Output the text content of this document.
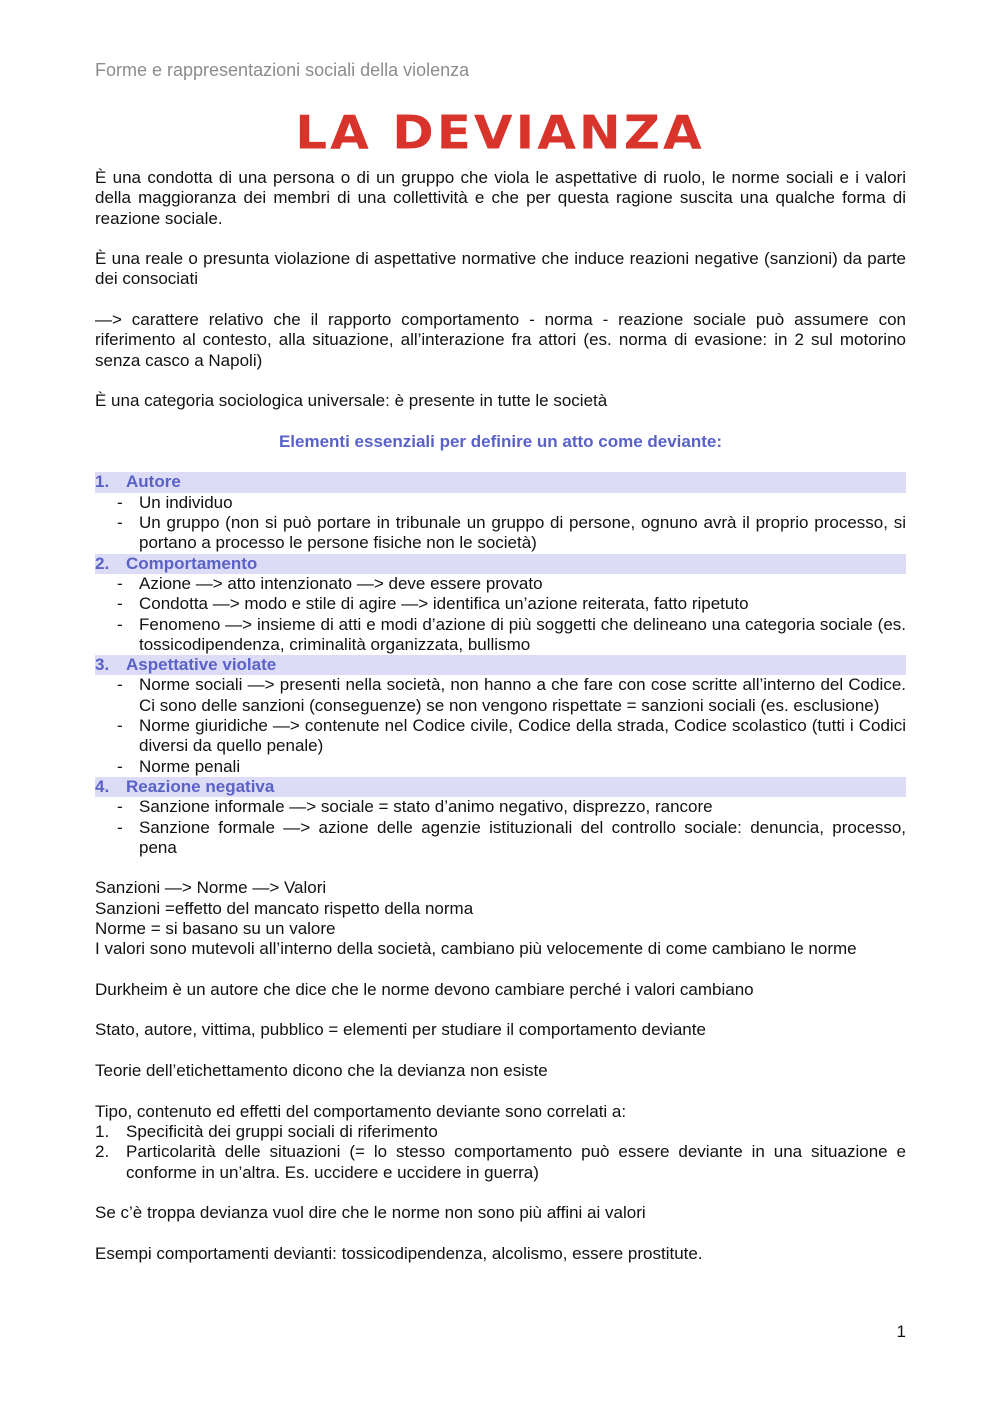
Forme e rappresentazioni sociali della violenza
LA DEVIANZA
È una condotta di una persona o di un gruppo che viola le aspettative di ruolo, le norme sociali e i valori della maggioranza dei membri di una collettività e che per questa ragione suscita una qualche forma di reazione sociale.
È una reale o presunta violazione di aspettative normative che induce reazioni negative (sanzioni) da parte dei consociati
—> carattere relativo che il rapporto comportamento - norma - reazione sociale può assumere con riferimento al contesto, alla situazione, all’interazione fra attori (es. norma di evasione: in 2 sul motorino senza casco a Napoli)
È una categoria sociologica universale: è presente in tutte le società
Elementi essenziali per definire un atto come deviante:
1. Autore
- Un individuo
- Un gruppo (non si può portare in tribunale un gruppo di persone, ognuno avrà il proprio processo, si portano a processo le persone fisiche non le società)
2. Comportamento
- Azione —> atto intenzionato —> deve essere provato
- Condotta —> modo e stile di agire —> identifica un’azione reiterata, fatto ripetuto
- Fenomeno —> insieme di atti e modi d’azione di più soggetti che delineano una categoria sociale (es. tossicodipendenza, criminalità organizzata, bullismo
3. Aspettative violate
- Norme sociali —> presenti nella società, non hanno a che fare con cose scritte all’interno del Codice. Ci sono delle sanzioni (conseguenze) se non vengono rispettate = sanzioni sociali (es. esclusione)
- Norme giuridiche —> contenute nel Codice civile, Codice della strada, Codice scolastico (tutti i Codici diversi da quello penale)
- Norme penali
4. Reazione negativa
- Sanzione informale —> sociale = stato d’animo negativo, disprezzo, rancore
- Sanzione formale —> azione delle agenzie istituzionali del controllo sociale: denuncia, processo, pena
Sanzioni —> Norme —> Valori
Sanzioni =effetto del mancato rispetto della norma
Norme = si basano su un valore
I valori sono mutevoli all’interno della società, cambiano più velocemente di come cambiano le norme
Durkheim è un autore che dice che le norme devono cambiare perché i valori cambiano
Stato, autore, vittima, pubblico = elementi per studiare il comportamento deviante
Teorie dell’etichettamento dicono che la devianza non esiste
Tipo, contenuto ed effetti del comportamento deviante sono correlati a:
1. Specificità dei gruppi sociali di riferimento
2. Particolarità delle situazioni (= lo stesso comportamento può essere deviante in una situazione e conforme in un’altra. Es. uccidere e uccidere in guerra)
Se c’è troppa devianza vuol dire che le norme non sono più affini ai valori
Esempi comportamenti devianti: tossicodipendenza, alcolismo, essere prostitute.
1
